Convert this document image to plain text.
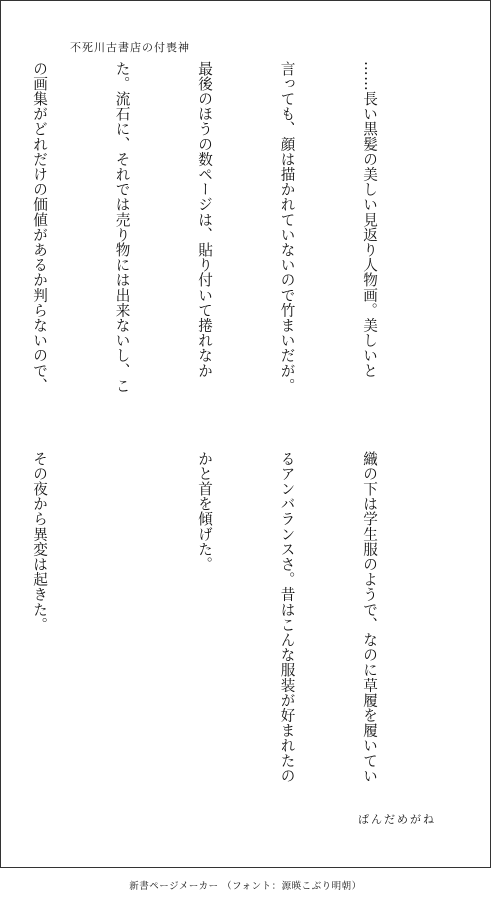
不死川古書店の付喪神

……長い黒髪の美しい見返り人物画。美しいと

言っても、顔は描かれていないので竹まいだが。

最後のほうの数ページは、貼り付いて捲れなか

た。流石に、それでは売り物には出来ないし、こ

の画集がどれだけの価値があるか判らないので、

織の下は学生服のようで、なのに草履を履いてい

るアンバランスさ。昔はこんな服装が好まれたの

かと首を傾げた。

その夜から異変は起きた。

ぱんだめがね
新書ページメーカー （フォント：源暎こぶり明朝）
